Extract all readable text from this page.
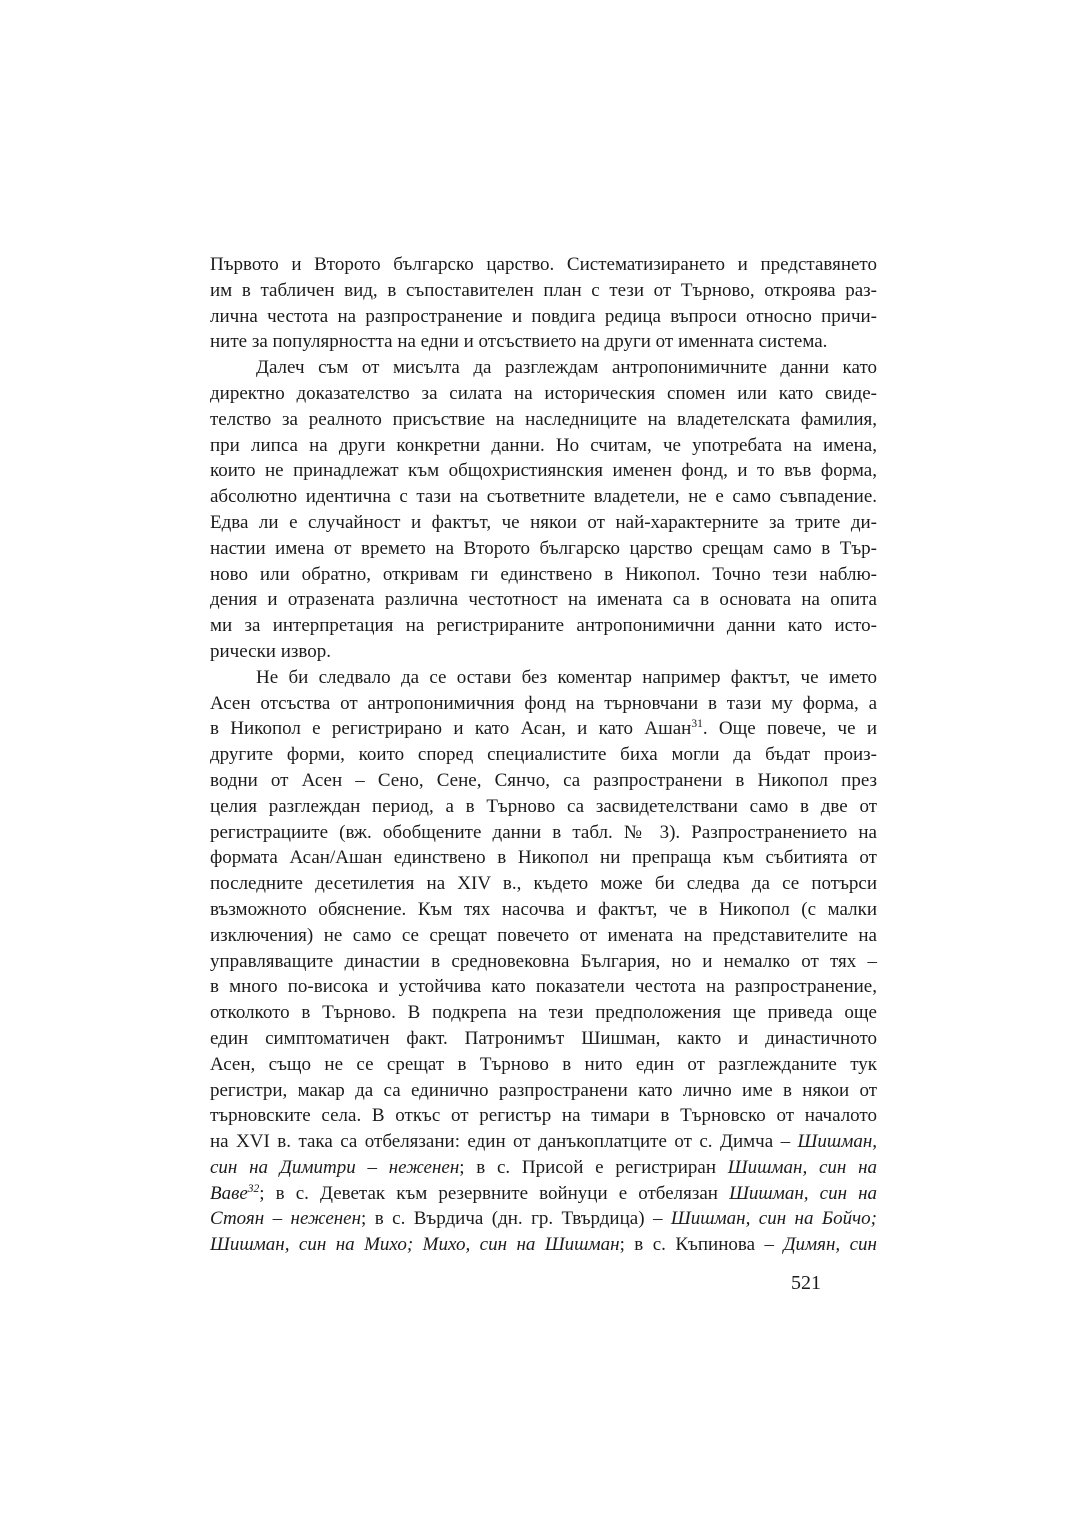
Първото и Второто българско царство. Систематизирането и представянето
им в табличен вид, в съпоставителен план с тези от Търново, откроява раз-
лична честота на разпространение и повдига редица въпроси относно причи-
ните за популярността на едни и отсъствието на други от именната система.
Далеч съм от мисълта да разглеждам антропонимичните данни като
директно доказателство за силата на историческия спомен или като свиде-
телство за реалното присъствие на наследниците на владетелската фамилия,
при липса на други конкретни данни. Но считам, че употребата на имена,
които не принадлежат към общохристиянския именен фонд, и то във форма,
абсолютно идентична с тази на съответните владетели, не е само съвпадение.
Едва ли е случайност и фактът, че някои от най-характерните за трите ди-
настии имена от времето на Второто българско царство срещам само в Тър-
ново или обратно, откривам ги единствено в Никопол. Точно тези наблю-
дения и отразената различна честотност на имената са в основата на опита
ми за интерпретация на регистрираните антропонимични данни като исто-
рически извор.
Не би следвало да се остави без коментар например фактът, че името
Асен отсъства от антропонимичния фонд на търновчани в тази му форма, а
в Никопол е регистрирано и като Асан, и като Ашан$^{31}$. Още повече, че и
другите форми, които според специалистите биха могли да бъдат произ-
водни от Асен – Сено, Сене, Сянчо, са разпространени в Никопол през
целия разглеждан период, а в Търново са засвидетелствани само в две от
регистрациите (вж. обобщените данни в табл. № 3). Разпространението на
формата Асан/Ашан единствено в Никопол ни препраща към събитията от
последните десетилетия на XIV в., където може би следва да се потърси
възможното обяснение. Към тях насочва и фактът, че в Никопол (с малки
изключения) не само се срещат повечето от имената на представителите на
управляващите династии в средновековна България, но и немалко от тях –
в много по-висока и устойчива като показатели честота на разпространение,
отколкото в Търново. В подкрепа на тези предположения ще приведа още
един симптоматичен факт. Патронимът Шишман, както и династичното
Асен, също не се срещат в Търново в нито един от разглежданите тук
регистри, макар да са единично разпространени като лично име в някои от
търновските села. В откъс от регистър на тимари в Търновско от началото
на XVI в. така са отбелязани: един от данъкоплатците от с. Димча – Шишман,
син на Димитри – неженен; в с. Присой е регистриран Шишман, син на
Ваве$^{32}$; в с. Деветак към резервните войнуци е отбелязан Шишман, син на
Стоян – неженен; в с. Върдича (дн. гр. Твърдица) – Шишман, син на Бойчо;
Шишман, син на Михо; Михо, син на Шишман; в с. Къпинова – Димян, син
521
